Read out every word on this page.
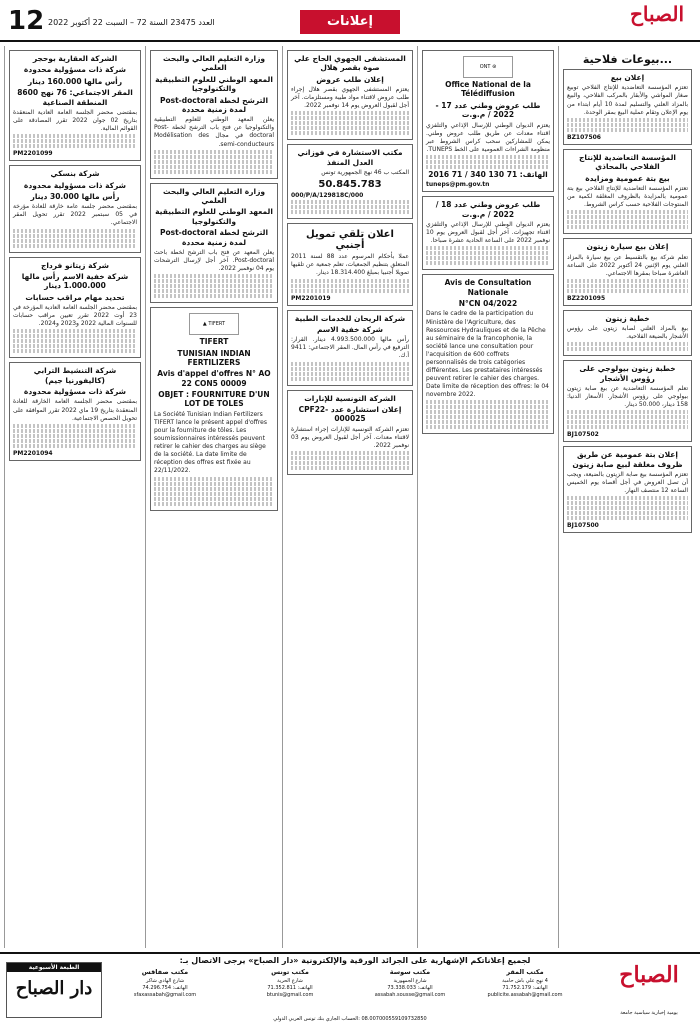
12 العدد 23475 السنة 72 – السبت 22 أكتوبر 2022	إعلانات	الصباح
...بيوعات فلاحية
إعلان بيع
تعتزم المؤسسة التعاضدية للإنتاج الفلاحي توبيع صغار المواشي والأبقار بالمركب الفلاحي، والبيع بالمزاد العلني والتسليم لمدة 10 أيام ابتداء من يوم الإعلان وتقام عملية البيع بمقر الوحدة.
BZ107506
المؤسسة التعاضدية للإنتاج الفلاحي بالمحاذي
بيع بتة عمومية ومزايدة
تعتزم المؤسسة التعاضدية للإنتاج الفلاحي بيع بتة عمومية بالمزايدة بالظروف المغلقة لكمية من المنتوجات الفلاحية حسب كراس الشروط.
إعلان بيع سيارة زيتون
تعلم شركة بيع بالتقسيط عن بيع سيارة بالمزاد العلني يوم الإثنين 24 أكتوبر 2022 على الساعة العاشرة صباحا بمقرها الاجتماعي.
BZ2201095
خطية زيتون
بيع بالمزاد العلني لصابة زيتون على رؤوس الأشجار بالضيعة الفلاحية.
خطبة زيتون بيولوجي على رؤوس الأشجار
تعلم المؤسسة التعاضدية عن بيع صابة زيتون بيولوجي على رؤوس الأشجار. الأسعار الدنيا: 158 دينار، 50.000 دينار.
BJ107502
إعلان بتة عمومية عن طريق ظروف مغلقة لبيع صابة زيتون
تعتزم المؤسسة بيع صابة الزيتون بالضيعة، ويجب أن تصل العروض في أجل أقصاه يوم الخميس الساعة 12 منتصف النهار.
BJ107500
⊛ ONT
Office National de la Télédiffusion
طلب عروض وطني عدد 17 - 2022 / م.و.ت
يعتزم الديوان الوطني للإرسال الإذاعي والتلفزي اقتناء معدات عن طريق طلب عروض وطني. يمكن للمشاركين سحب كراس الشروط عبر منظومة الشراءات العمومية على الخط TUNEPS.
الهاتف: 71 130 340 / 71 2016
tuneps@pm.gov.tn
طلب عروض وطني عدد 18 / 2022 / م.و.ت
يعتزم الديوان الوطني للإرسال الإذاعي والتلفزي اقتناء تجهيزات. آخر أجل لقبول العروض يوم 10 نوفمبر 2022 على الساعة الحادية عشرة صباحا.
Avis de Consultation Nationale
N°CN 04/2022
Dans le cadre de la participation du Ministère de l'Agriculture, des Ressources Hydrauliques et de la Pêche au séminaire de la francophonie, la société lance une consultation pour l'acquisition de 600 coffrets personnalisés de trois catégories différentes. Les prestataires intéressés peuvent retirer le cahier des charges. Date limite de réception des offres: le 04 novembre 2022.
المستشفى الجهوي الحاج علي صوة بقصر هلال
إعلان طلب عروض
يعتزم المستشفى الجهوي بقصر هلال إجراء طلب عروض لاقتناء مواد طبية ومستلزمات. آخر أجل لقبول العروض يوم 14 نوفمبر 2022.
مكتب الاستشارة في فوزاني العدل المنفذ
المكتب ب 46 نهج الجمهورية تونس
50.845.783
000/P/A/129818C/000
اعلان تلقي تمويل أجنبي
عملا بأحكام المرسوم عدد 88 لسنة 2011 المتعلق بتنظيم الجمعيات، تعلم جمعية عن تلقيها تمويلا أجنبيا بمبلغ 18.314.400 دينار.
PM2201019
شركة الريحان للخدمات الطبية
شركة خفية الاسم
رأس مالها 4.993.500.000 دينار. القرار: الترفيع في رأس المال. المقر الاجتماعي: 9411 أ.ك.
الشركة التونسية للإنارات
إعلان استشارة عدد CPF22-000025
تعتزم الشركة التونسية للإنارات إجراء استشارة لاقتناء معدات. آخر أجل لقبول العروض يوم 03 نوفمبر 2022.
وزارة التعليم العالي والبحث العلمي
المعهد الوطني للعلوم التطبيقية والتكنولوجيا
الترشح لخطة Post-doctoral لمدة زمنية محددة
يعلن المعهد الوطني للعلوم التطبيقية والتكنولوجيا عن فتح باب الترشح لخطة Post-doctoral في مجال Modélisation des semi-conducteurs.
وزارة التعليم العالي والبحث العلمي
المعهد الوطني للعلوم التطبيقية والتكنولوجيا
الترشح لخطة Post-doctoral لمدة زمنية محددة
يعلن المعهد عن فتح باب الترشح لخطة باحث Post-doctoral. آخر أجل لإرسال الترشحات يوم 04 نوفمبر 2022.
▲ TIFERT
TIFERT
TUNISIAN INDIAN FERTILIZERS
Avis d'appel d'offres N° AO 22 CON5 00009
OBJET : FOURNITURE D'UN LOT DE TOLES
La Société Tunisian Indian Fertilizers TIFERT lance le présent appel d'offres pour la fourniture de tôles. Les soumissionnaires intéressés peuvent retirer le cahier des charges au siège de la société. La date limite de réception des offres est fixée au 22/11/2022.
الشركة العقارية بوحجر
شركة ذات مسؤولية محدودة
رأس مالها 160.000 دينار
المقر الاجتماعي: 76 نهج 8600 المنطقة الصناعية
بمقتضى محضر الجلسة العامة العادية المنعقدة بتاريخ 02 جوان 2022 تقرر المصادقة على القوائم المالية.
PM2201099
شركة بنسكي
شركة ذات مسؤولية محدودة
رأس مالها 30.000 دينار
بمقتضى محضر جلسة عامة خارقة للعادة مؤرخة في 05 سبتمبر 2022 تقرر تحويل المقر الاجتماعي.
شركة زيتانو فرداج
شركة خفية الاسم رأس مالها 1.000.000 دينار
تحديد مهام مراقب حسابات
بمقتضى محضر الجلسة العامة العادية المؤرخة في 23 أوت 2022 تقرر تعيين مراقب حسابات للسنوات المالية 2022 و2023 و2024.
شركة التنشيط الترابي (كاليفورنيا جيم)
شركة ذات مسؤولية محدودة
بمقتضى محضر الجلسة العامة الخارقة للعادة المنعقدة بتاريخ 19 ماي 2022 تقرر الموافقة على تحويل الحصص الاجتماعية.
PM2201094
لجميع إعلاناتكم الإشهارية على الجرائد الورقية والإلكترونية «دار الصباح» يرجى الاتصال بـ:
الصباح
يومية إخبارية سياسية جامعة
الطبعة الأسبوعية
دار الصباح
مكتب المقر
4 نهج علي باش حامبة
الهاتف: 71.752.179
publicite.assabah@gmail.com
مكتب سوسة
شارع الجمهورية
الهاتف: 73.338.033
assabah.sousse@gmail.com
مكتب تونس
شارع الحرية
الهاتف: 71.352.811
btunis@gmail.com
مكتب صفاقس
شارع الهادي شاكر
الهاتف: 74.296.754
sfaxassabah@gmail.com
08.007000559109732850 :الحساب الجاري بنك تونس العربي الدولي
